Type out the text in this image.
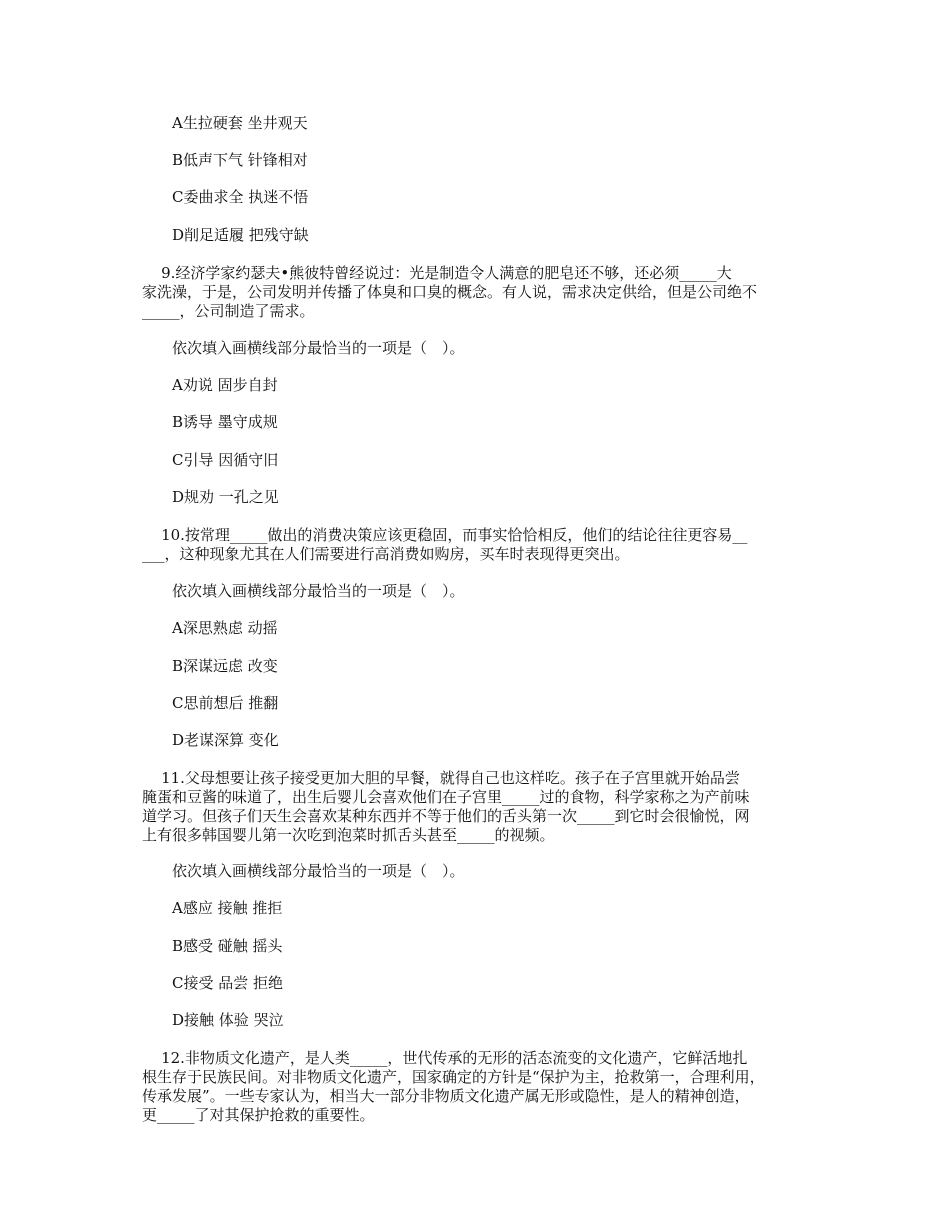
A生拉硬套 坐井观天
B低声下气 针锋相对
C委曲求全 执迷不悟
D削足适履 把残守缺
9.经济学家约瑟夫•熊彼特曾经说过：光是制造令人满意的肥皂还不够，还必须_____大
家洗澡，于是，公司发明并传播了体臭和口臭的概念。有人说，需求决定供给，但是公司绝不
_____，公司制造了需求。
依次填入画横线部分最恰当的一项是（　）。
A劝说 固步自封
B诱导 墨守成规
C引导 因循守旧
D规劝 一孔之见
10.按常理_____做出的消费决策应该更稳固，而事实恰恰相反，他们的结论往往更容易__
___，这种现象尤其在人们需要进行高消费如购房，买车时表现得更突出。
依次填入画横线部分最恰当的一项是（　）。
A深思熟虑 动摇
B深谋远虑 改变
C思前想后 推翻
D老谋深算 变化
11.父母想要让孩子接受更加大胆的早餐，就得自己也这样吃。孩子在子宫里就开始品尝
腌蛋和豆酱的味道了，出生后婴儿会喜欢他们在子宫里_____过的食物，科学家称之为产前味
道学习。但孩子们天生会喜欢某种东西并不等于他们的舌头第一次_____到它时会很愉悦，网
上有很多韩国婴儿第一次吃到泡菜时抓舌头甚至_____的视频。
依次填入画横线部分最恰当的一项是（　）。
A感应 接触 推拒
B感受 碰触 摇头
C接受 品尝 拒绝
D接触 体验 哭泣
12.非物质文化遗产，是人类_____，世代传承的无形的活态流变的文化遗产，它鲜活地扎
根生存于民族民间。对非物质文化遗产，国家确定的方针是“保护为主，抢救第一，合理利用，
传承发展”。一些专家认为，相当大一部分非物质文化遗产属无形或隐性，是人的精神创造，
更_____了对其保护抢救的重要性。
